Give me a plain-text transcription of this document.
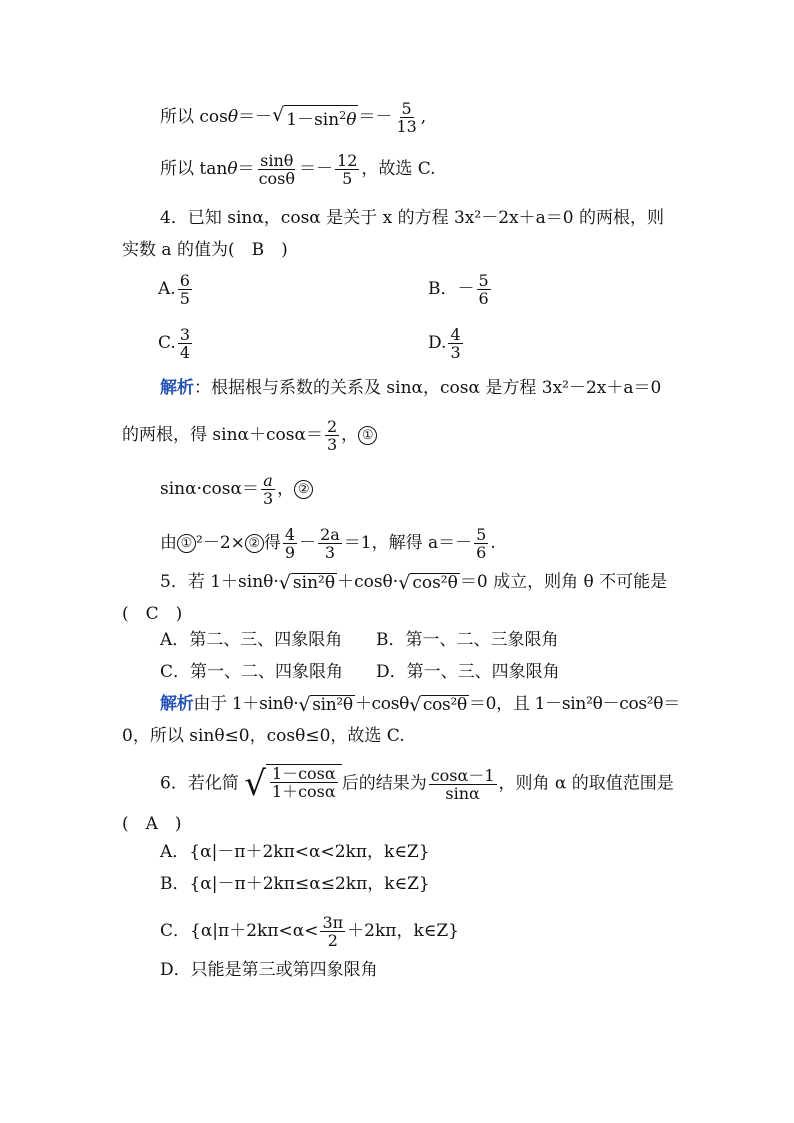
所以 cosθ＝－ √ $1-\sin^2\theta =- \frac{5}{13}$ ,
所以 $\tan\theta= \frac{\sin\theta}{\cos\theta} =- \frac{12}{5}$ ，故选 C.
4．已知 sinα，cosα 是关于 x 的方程 3x²－2x＋a＝0 的两根，则
实数 a 的值为(　B　)
A. $\frac{6}{5}$	B．－ $\frac{5}{6}$
C. $\frac{3}{4}$	D. $\frac{4}{3}$
解析：根据根与系数的关系及 sinα，cosα 是方程 3x²－2x＋a＝0
的两根，得 $\sin\alpha+\cos\alpha= \frac{2}{3}$ ， ①
$\sin\alpha\cdot\cos\alpha= \frac{a}{3}$ ， ②
由 ① ²－2× ② 得 $\frac{4}{9} - \frac{2a}{3} =1$，解得 $a=- \frac{5}{6}$ .
5．若 1＋sinθ· √ sin²θ ＋cosθ· √ cos²θ ＝0 成立，则角 θ 不可能是
(　C　)
A．第二、三、四象限角 B．第一、二、三象限角
C．第一、二、四象限角 D．第一、三、四象限角
解析由于 1＋sinθ· √ sin²θ ＋cosθ √ cos²θ ＝0，且 1－sin²θ－cos²θ＝
0，所以 sinθ≤0，cosθ≤0，故选 C.
6．若化简 √ $\frac{1-\cos\alpha}{1+\cos\alpha}$ 后的结果为 $\frac{\cos\alpha-1}{\sin\alpha}$ ，则角 α 的取值范围是
(　A　)
A．{α|－π＋2kπ<α<2kπ，k∈Z}
B．{α|－π＋2kπ≤α≤2kπ，k∈Z}
C．{$\alpha|\pi+2k\pi<\alpha< \frac{3\pi}{2} +2k\pi$，k∈Z}
D．只能是第三或第四象限角
